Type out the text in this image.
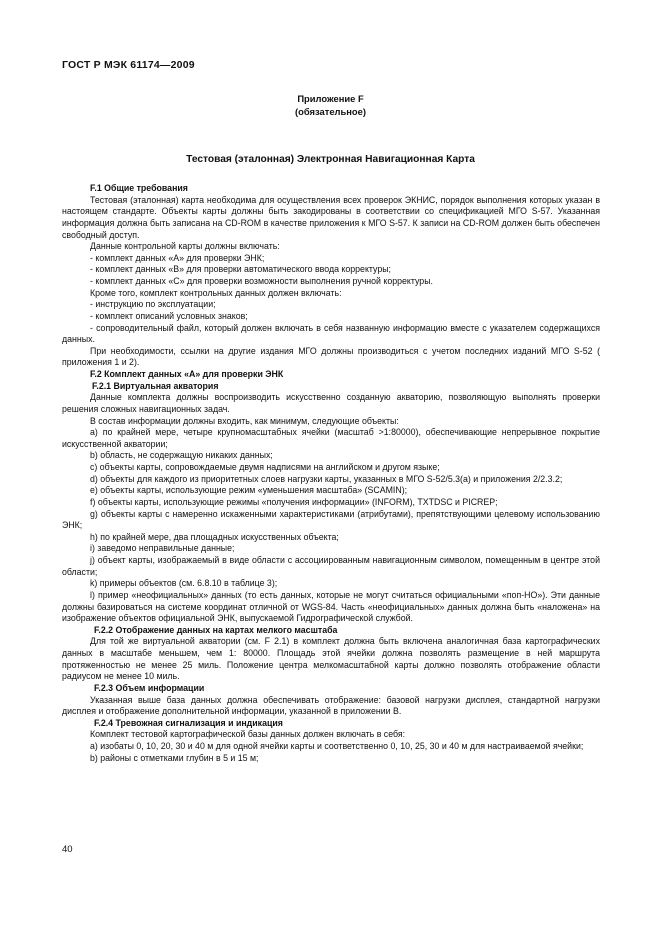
ГОСТ Р МЭК 61174—2009
Приложение F
(обязательное)
Тестовая (эталонная) Электронная Навигационная Карта

F.1 Общие требования

Тестовая (эталонная) карта необходима для осуществления всех проверок ЭКНИС, порядок выполнения которых указан в настоящем стандарте. Объекты карты должны быть закодированы в соответствии со спецификацией МГО S-57. Указанная информация должна быть записана на CD-ROM в качестве приложения к МГО S-57. К записи на CD-ROM должен быть обеспечен свободный доступ.

Данные контрольной карты должны включать:

- комплект данных «А» для проверки ЭНК;

- комплект данных «В» для проверки автоматического ввода корректуры;

- комплект данных «С» для проверки возможности выполнения ручной корректуры.

Кроме того, комплект контрольных данных должен включать:

- инструкцию по эксплуатации;

- комплект описаний условных знаков;

- сопроводительный файл, который должен включать в себя названную информацию вместе с указателем содержащихся данных.

При необходимости, ссылки на другие издания МГО должны производиться с учетом последних изданий МГО S-52 ( приложения 1 и 2).

F.2 Комплект данных «А» для проверки ЭНК

F.2.1 Виртуальная акватория

Данные комплекта должны воспроизводить искусственно созданную акваторию, позволяющую выполнять проверки решения сложных навигационных задач.

В состав информации должны входить, как минимум, следующие объекты:

а) по крайней мере, четыре крупномасштабных ячейки (масштаб >1:80000), обеспечивающие непрерывное покрытие искусственной акватории;

b) область, не содержащую никаких данных;

с) объекты карты, сопровождаемые двумя надписями на английском и другом языке;

d) объекты для каждого из приоритетных слоев нагрузки карты, указанных в МГО S-52/5.3(а) и приложения 2/2.3.2;

е) объекты карты, использующие режим «уменьшения масштаба» (SCAMIN);

f) объекты карты, использующие режимы «получения информации» (INFORM), TXTDSC и PICREP;

g) объекты карты с намеренно искаженными характеристиками (атрибутами), препятствующими целевому использованию ЭНК;

h) по крайней мере, два площадных искусственных объекта;

i) заведомо неправильные данные;

j) объект карты, изображаемый в виде области с ассоциированным навигационным символом, помещенным в центре этой области;

k) примеры объектов (см. 6.8.10 в таблице 3);

l) пример «неофициальных» данных (то есть данных, которые не могут считаться официальными «поп-НО»). Эти данные должны базироваться на системе координат отличной от WGS-84. Часть «неофициальных» данных должна быть «наложена» на изображение объектов официальной ЭНК, выпускаемой Гидрографической службой.

F.2.2 Отображение данных на картах мелкого масштаба

Для той же виртуальной акватории (см. F 2.1) в комплект должна быть включена аналогичная база картографических данных в масштабе меньшем, чем 1: 80000. Площадь этой ячейки должна позволять размещение в ней маршрута протяженностью не менее 25 миль. Положение центра мелкомасштабной карты должно позволять отображение области радиусом не менее 10 миль.

F.2.3 Объем информации

Указанная выше база данных должна обеспечивать отображение: базовой нагрузки дисплея, стандартной нагрузки дисплея и отображение дополнительной информации, указанной в приложении В.

F.2.4 Тревожная сигнализация и индикация

Комплект тестовой картографической базы данных должен включать в себя:

а) изобаты 0, 10, 20, 30 и 40 м для одной ячейки карты и соответственно 0, 10, 25, 30 и 40 м для настраиваемой ячейки;

b) районы с отметками глубин в 5 и 15 м;

40
